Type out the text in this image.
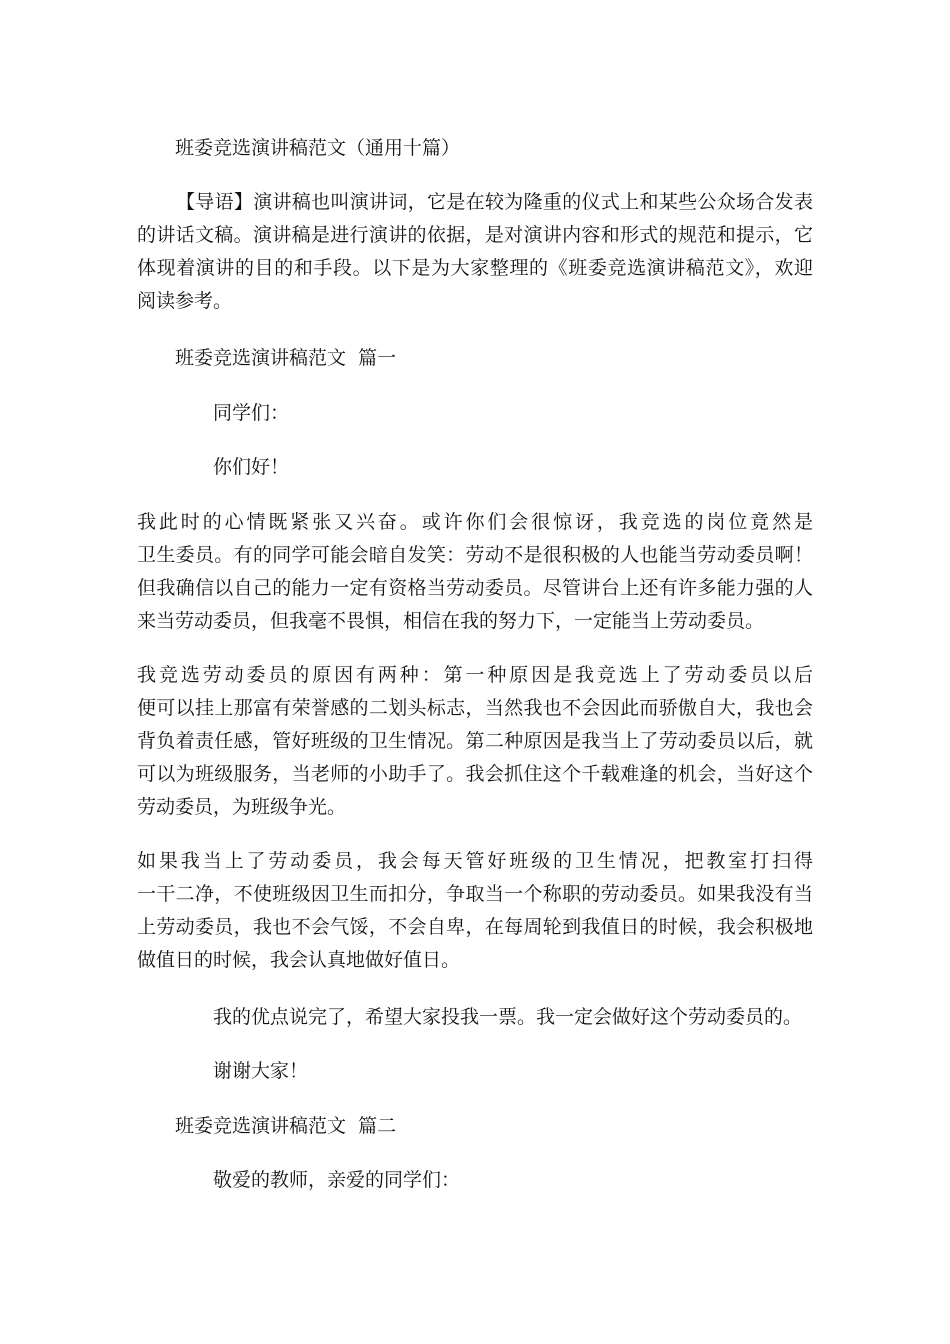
班委竞选演讲稿范文（通用十篇）
【导语】演讲稿也叫演讲词，它是在较为隆重的仪式上和某些公众场合发表
的讲话文稿。演讲稿是进行演讲的依据，是对演讲内容和形式的规范和提示，它
体现着演讲的目的和手段。以下是为大家整理的《班委竞选演讲稿范文》，欢迎
阅读参考。
班委竞选演讲稿范文  篇一
同学们：
你们好！
我此时的心情既紧张又兴奋。或许你们会很惊讶，我竞选的岗位竟然是
卫生委员。有的同学可能会暗自发笑：劳动不是很积极的人也能当劳动委员啊！
但我确信以自己的能力一定有资格当劳动委员。尽管讲台上还有许多能力强的人
来当劳动委员，但我毫不畏惧，相信在我的努力下，一定能当上劳动委员。
我竞选劳动委员的原因有两种：第一种原因是我竞选上了劳动委员以后
便可以挂上那富有荣誉感的二划头标志，当然我也不会因此而骄傲自大，我也会
背负着责任感，管好班级的卫生情况。第二种原因是我当上了劳动委员以后，就
可以为班级服务，当老师的小助手了。我会抓住这个千载难逢的机会，当好这个
劳动委员，为班级争光。
如果我当上了劳动委员，我会每天管好班级的卫生情况，把教室打扫得
一干二净，不使班级因卫生而扣分，争取当一个称职的劳动委员。如果我没有当
上劳动委员，我也不会气馁，不会自卑，在每周轮到我值日的时候，我会积极地
做值日的时候，我会认真地做好值日。
我的优点说完了，希望大家投我一票。我一定会做好这个劳动委员的。
谢谢大家！
班委竞选演讲稿范文  篇二
敬爱的教师，亲爱的同学们：
